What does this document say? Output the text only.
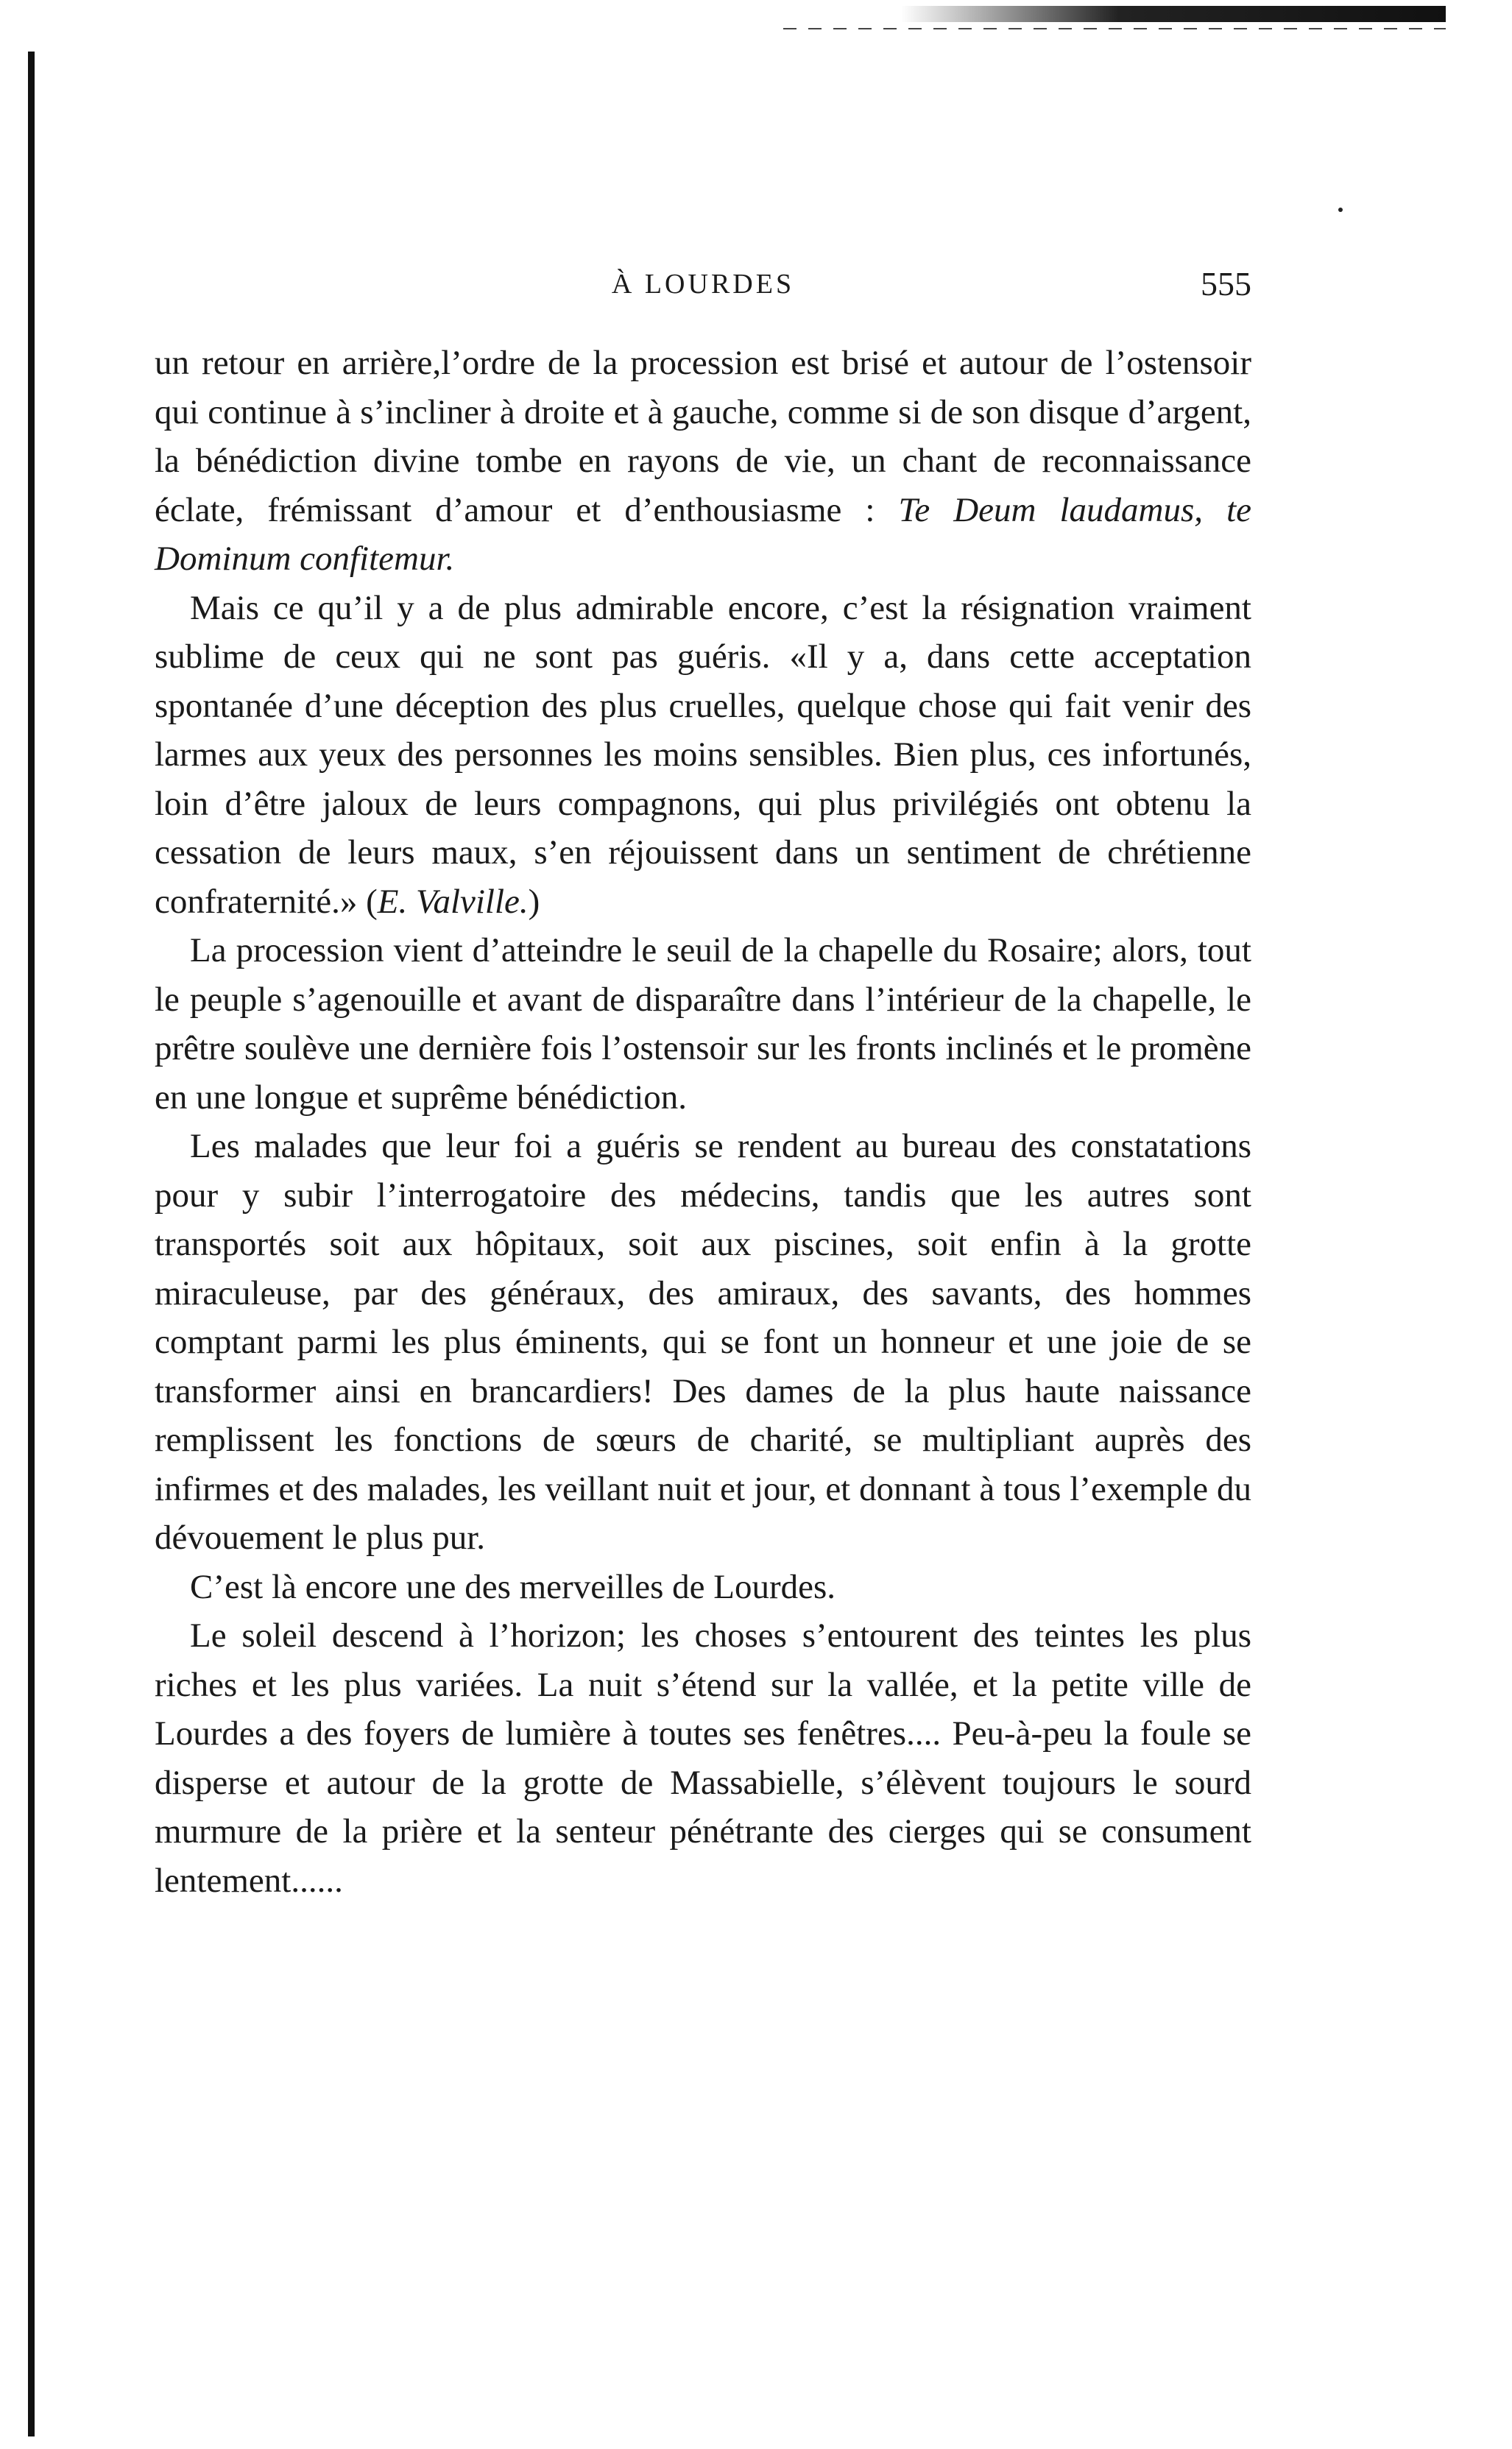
À LOURDES	555

un retour en arrière,l’ordre de la procession est brisé et autour de l’ostensoir qui continue à s’incliner à droite et à gauche, comme si de son disque d’argent, la bénédiction divine tombe en rayons de vie, un chant de reconnaissance éclate, frémissant d’amour et d’enthousiasme : Te Deum laudamus, te Dominum confitemur.

Mais ce qu’il y a de plus admirable encore, c’est la résignation vraiment sublime de ceux qui ne sont pas guéris. «Il y a, dans cette acceptation spontanée d’une déception des plus cruelles, quelque chose qui fait venir des larmes aux yeux des personnes les moins sensibles. Bien plus, ces infortunés, loin d’être jaloux de leurs compagnons, qui plus privilégiés ont obtenu la cessation de leurs maux, s’en réjouissent dans un sentiment de chrétienne confraternité.» (E. Valville.)

La procession vient d’atteindre le seuil de la chapelle du Rosaire; alors, tout le peuple s’agenouille et avant de disparaître dans l’intérieur de la chapelle, le prêtre soulève une dernière fois l’ostensoir sur les fronts inclinés et le promène en une longue et suprême bénédiction.

Les malades que leur foi a guéris se rendent au bureau des constatations pour y subir l’interrogatoire des médecins, tandis que les autres sont transportés soit aux hôpitaux, soit aux piscines, soit enfin à la grotte miraculeuse, par des généraux, des amiraux, des savants, des hommes comptant parmi les plus éminents, qui se font un honneur et une joie de se transformer ainsi en brancardiers! Des dames de la plus haute naissance remplissent les fonctions de sœurs de charité, se multipliant auprès des infirmes et des malades, les veillant nuit et jour, et donnant à tous l’exemple du dévouement le plus pur.

C’est là encore une des merveilles de Lourdes.

Le soleil descend à l’horizon; les choses s’entourent des teintes les plus riches et les plus variées. La nuit s’étend sur la vallée, et la petite ville de Lourdes a des foyers de lumière à toutes ses fenêtres.... Peu-à-peu la foule se disperse et autour de la grotte de Massabielle, s’élèvent toujours le sourd murmure de la prière et la senteur pénétrante des cierges qui se consument lentement......
